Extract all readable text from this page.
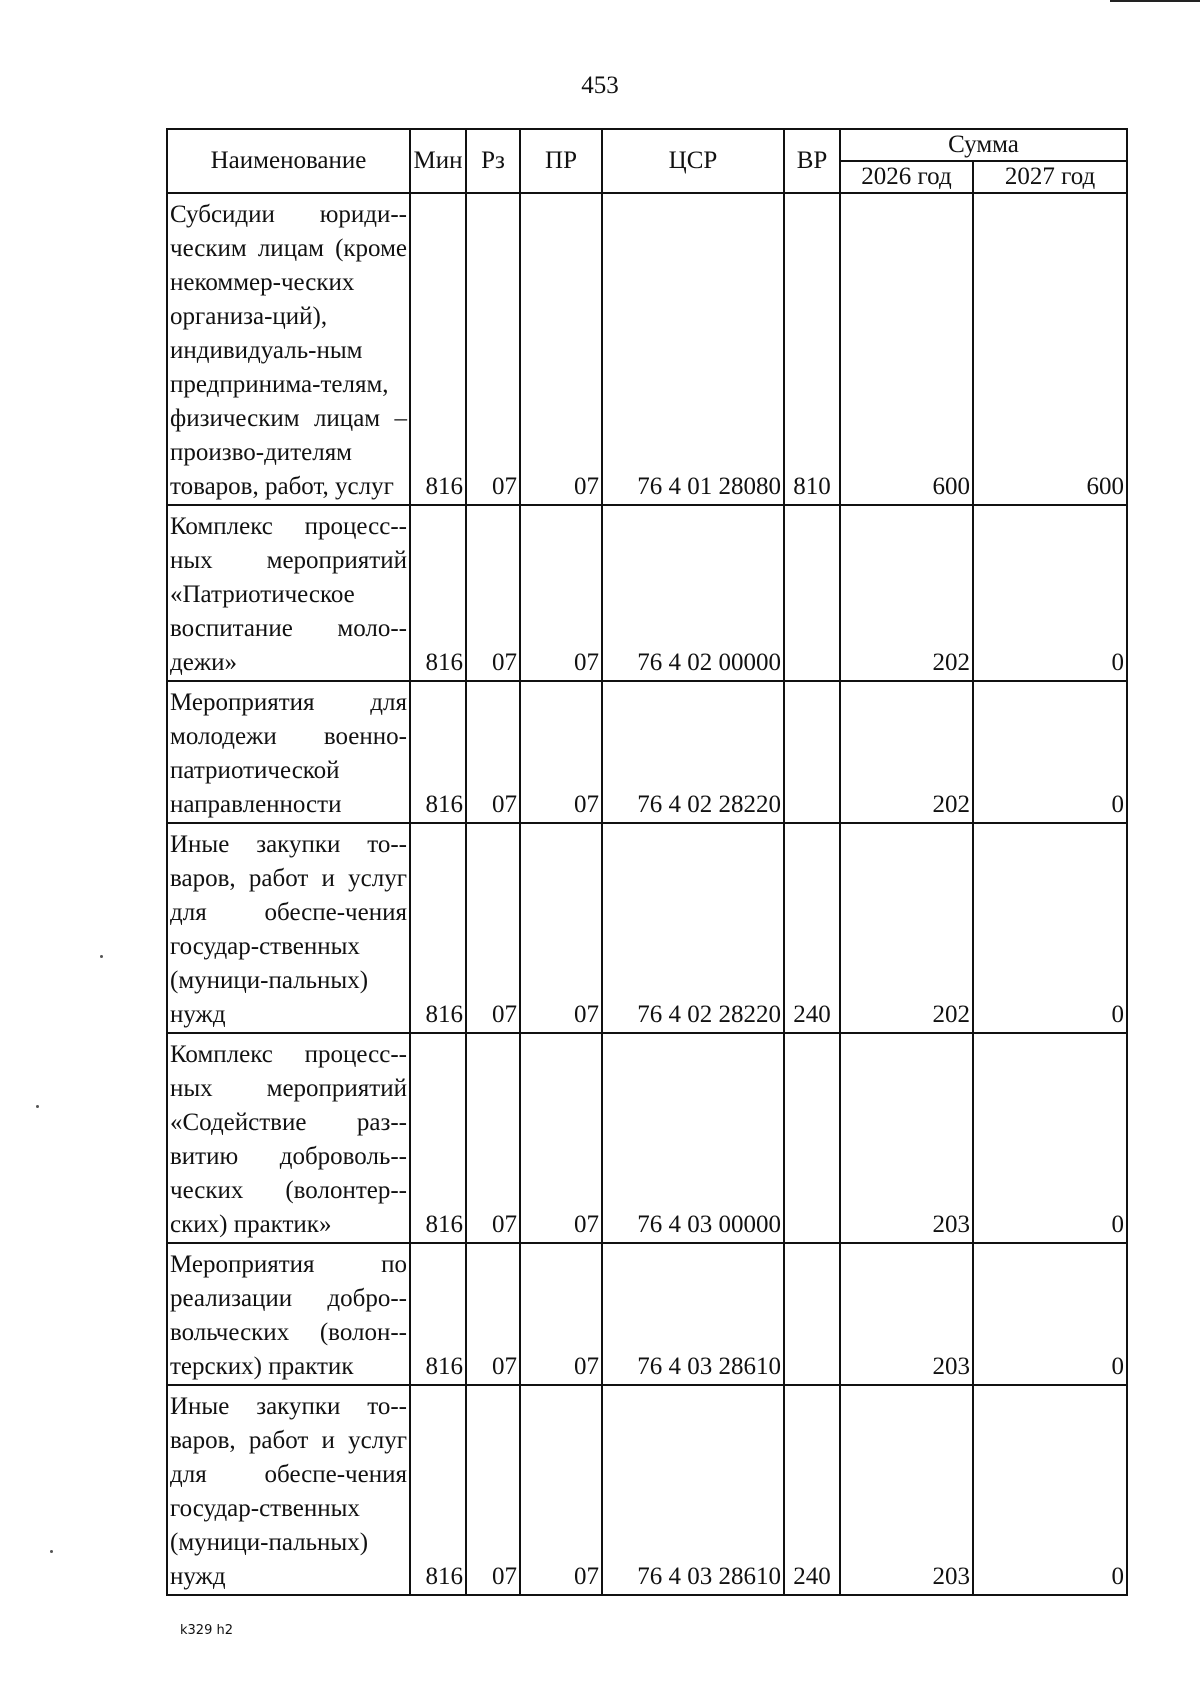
453
Наименование	Мин	Рз	ПР	ЦСР	ВР	Сумма	
						2026 год	2027 год
Субсидии юриди-ческим лицам (кроме некоммер-ческих организа-ций), индивидуаль-ным предпринима-телям, физическим лицам – произво-дителям товаров, работ, услуг	816	07	07	76 4 01 28080	810	600	600
Комплекс процесс-ных мероприятий «Патриотическое воспитание моло-дежи»	816	07	07	76 4 02 00000		202	0
Мероприятия для молодежи военно-патриотической направленности	816	07	07	76 4 02 28220		202	0
Иные закупки то-варов, работ и услуг для обеспе-чения государ-ственных (муници-пальных) нужд	816	07	07	76 4 02 28220	240	202	0
Комплекс процесс-ных мероприятий «Содействие раз-витию доброволь-ческих (волонтер-ских) практик»	816	07	07	76 4 03 00000		203	0
Мероприятия по реализации добро-вольческих (волон-терских) практик	816	07	07	76 4 03 28610		203	0
Иные закупки то-варов, работ и услуг для обеспе-чения государ-ственных (муници-пальных) нужд	816	07	07	76 4 03 28610	240	203	0
k329 h2
